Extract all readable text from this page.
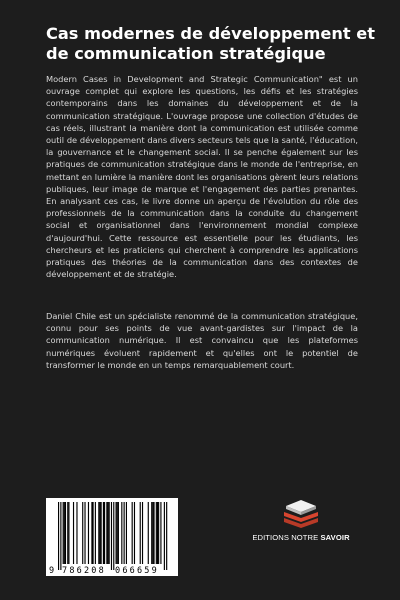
Cas modernes de développement et de communication stratégique

Modern Cases in Development and Strategic Communication" est un ouvrage complet qui explore les questions, les défis et les stratégies contemporains dans les domaines du développement et de la communication stratégique. L'ouvrage propose une collection d'études de cas réels, illustrant la manière dont la communication est utilisée comme outil de développement dans divers secteurs tels que la santé, l'éducation, la gouvernance et le changement social. Il se penche également sur les pratiques de communication stratégique dans le monde de l'entreprise, en mettant en lumière la manière dont les organisations gèrent leurs relations publiques, leur image de marque et l'engagement des parties prenantes. En analysant ces cas, le livre donne un aperçu de l'évolution du rôle des professionnels de la communication dans la conduite du changement social et organisationnel dans l'environnement mondial complexe d'aujourd'hui. Cette ressource est essentielle pour les étudiants, les chercheurs et les praticiens qui cherchent à comprendre les applications pratiques des théories de la communication dans des contextes de développement et de stratégie.

Daniel Chile est un spécialiste renommé de la communication stratégique, connu pour ses points de vue avant-gardistes sur l'impact de la communication numérique. Il est convaincu que les plateformes numériques évoluent rapidement et qu'elles ont le potentiel de transformer le monde en un temps remarquablement court.

9 786208 066659
EDITIONS NOTRE SAVOIR
